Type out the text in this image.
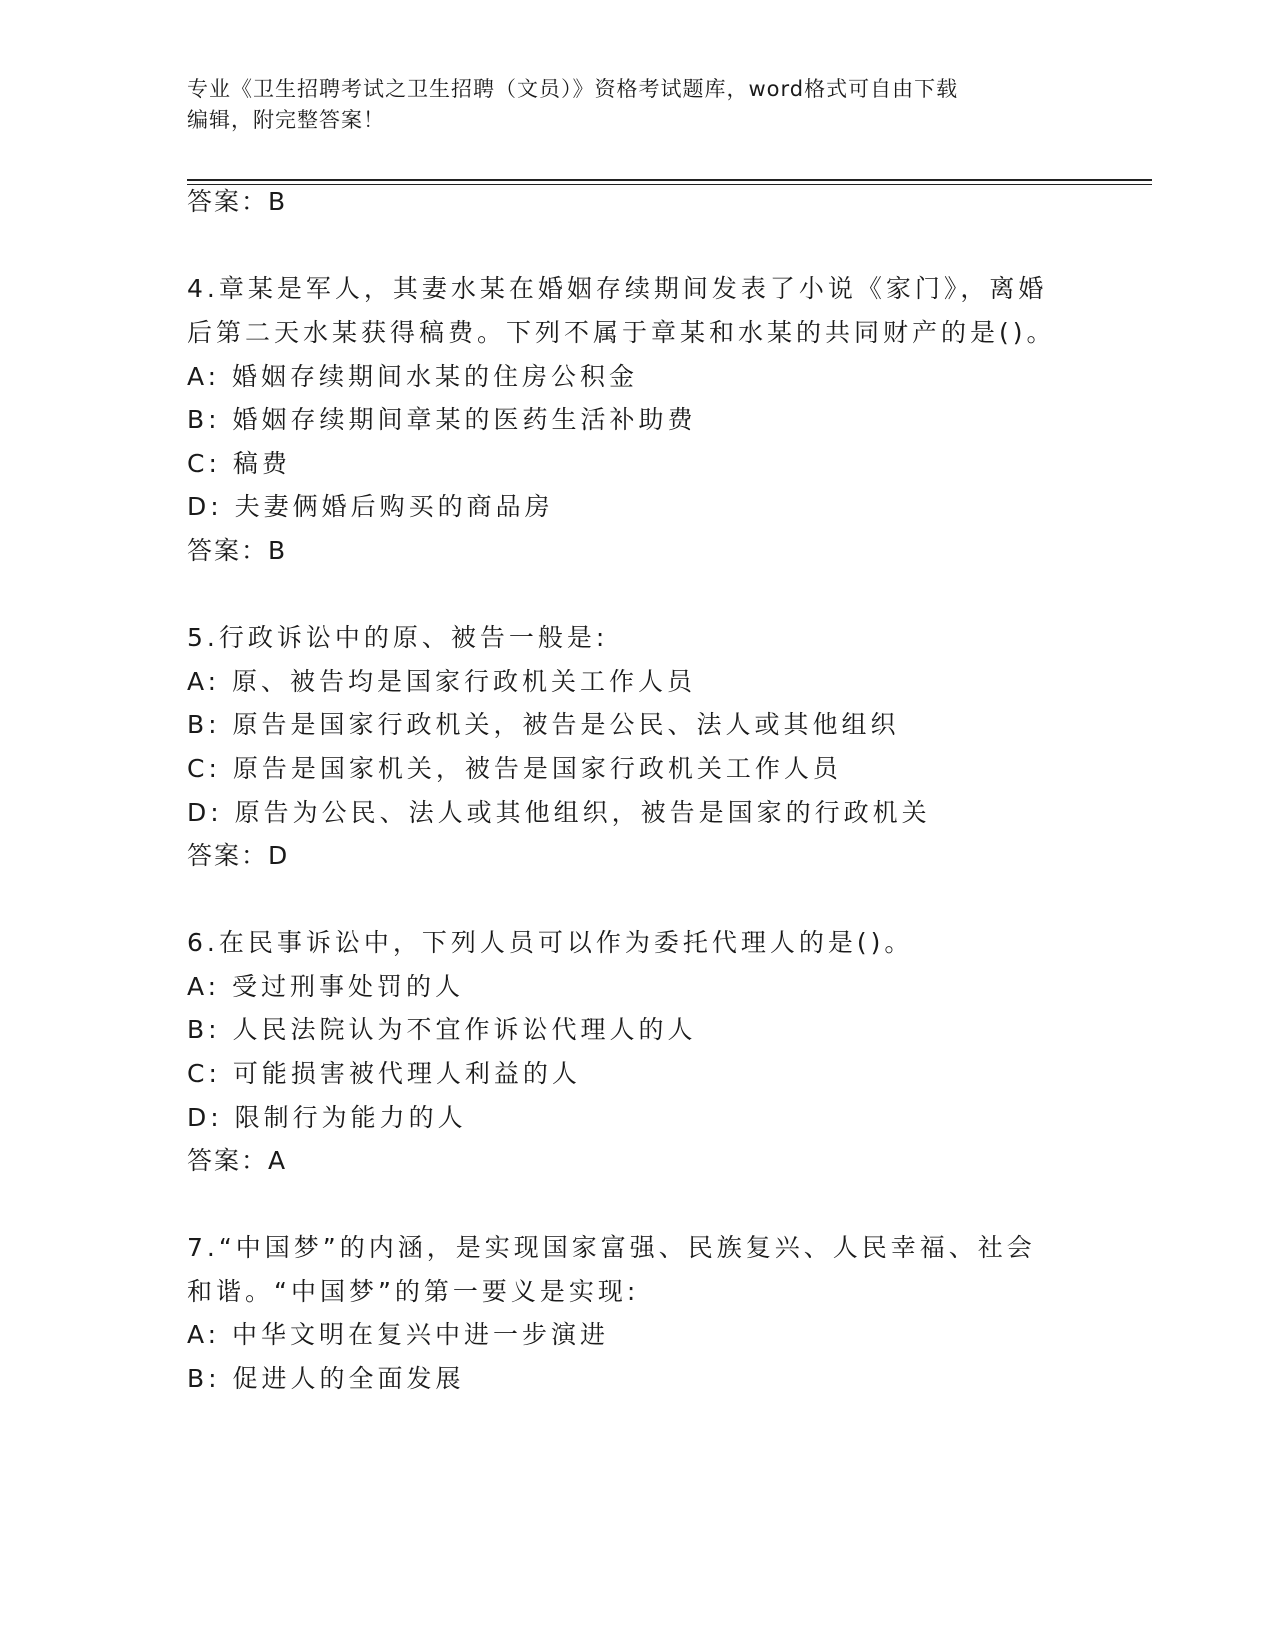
专业《卫生招聘考试之卫生招聘（文员）》资格考试题库，word格式可自由下载
编辑，附完整答案！
答案：B
4.章某是军人，其妻水某在婚姻存续期间发表了小说《家门》，离婚
后第二天水某获得稿费。下列不属于章某和水某的共同财产的是()。
A: 婚姻存续期间水某的住房公积金
B: 婚姻存续期间章某的医药生活补助费
C: 稿费
D: 夫妻俩婚后购买的商品房
答案：B
5.行政诉讼中的原、被告一般是:
A: 原、被告均是国家行政机关工作人员
B: 原告是国家行政机关，被告是公民、法人或其他组织
C: 原告是国家机关，被告是国家行政机关工作人员
D: 原告为公民、法人或其他组织，被告是国家的行政机关
答案：D
6.在民事诉讼中，下列人员可以作为委托代理人的是()。
A: 受过刑事处罚的人
B: 人民法院认为不宜作诉讼代理人的人
C: 可能损害被代理人利益的人
D: 限制行为能力的人
答案：A
7.“中国梦”的内涵，是实现国家富强、民族复兴、人民幸福、社会
和谐。“中国梦”的第一要义是实现:
A: 中华文明在复兴中进一步演进
B: 促进人的全面发展
